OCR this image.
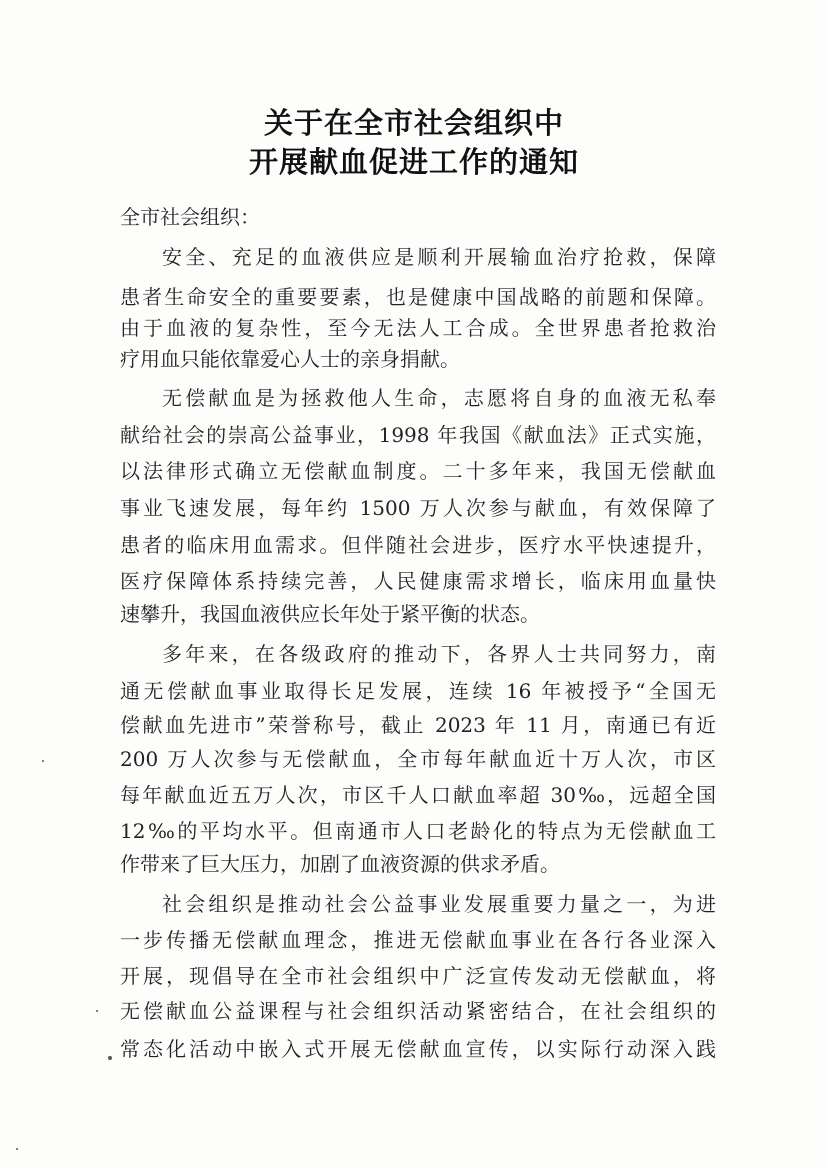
关于在全市社会组织中
开展献血促进工作的通知
全市社会组织：
安全、充足的血液供应是顺利开展输血治疗抢救，保障
患者生命安全的重要要素，也是健康中国战略的前题和保障。
由于血液的复杂性，至今无法人工合成。全世界患者抢救治
疗用血只能依靠爱心人士的亲身捐献。
无偿献血是为拯救他人生命，志愿将自身的血液无私奉
献给社会的崇高公益事业，1998 年我国《献血法》正式实施，
以法律形式确立无偿献血制度。二十多年来，我国无偿献血
事业飞速发展，每年约 1500 万人次参与献血，有效保障了
患者的临床用血需求。但伴随社会进步，医疗水平快速提升，
医疗保障体系持续完善，人民健康需求增长，临床用血量快
速攀升，我国血液供应长年处于紧平衡的状态。
多年来，在各级政府的推动下，各界人士共同努力，南
通无偿献血事业取得长足发展，连续 16 年被授予“全国无
偿献血先进市”荣誉称号，截止 2023 年 11 月，南通已有近
200 万人次参与无偿献血，全市每年献血近十万人次，市区
每年献血近五万人次，市区千人口献血率超 30‰，远超全国
12‰的平均水平。但南通市人口老龄化的特点为无偿献血工
作带来了巨大压力，加剧了血液资源的供求矛盾。
社会组织是推动社会公益事业发展重要力量之一，为进
一步传播无偿献血理念，推进无偿献血事业在各行各业深入
开展，现倡导在全市社会组织中广泛宣传发动无偿献血，将
无偿献血公益课程与社会组织活动紧密结合，在社会组织的
常态化活动中嵌入式开展无偿献血宣传，以实际行动深入践
